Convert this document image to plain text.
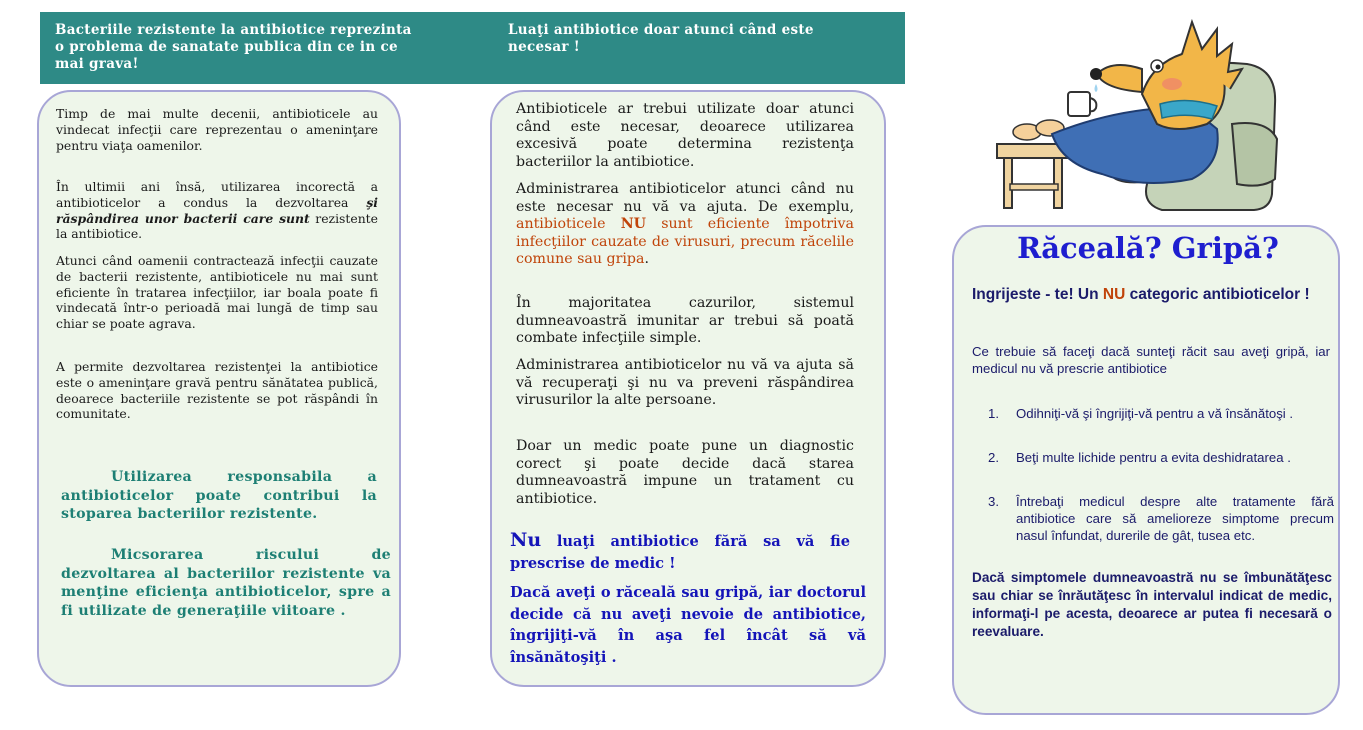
Bacteriile rezistente la antibiotice reprezinta o problema de sanatate publica din ce in ce mai grava!
Luaţi antibiotice doar atunci când este necesar !

Timp de mai multe decenii, antibioticele au vindecat infecţii care reprezentau o ameninţare pentru viaţa oamenilor.

În ultimii ani însă, utilizarea incorectă a antibioticelor a condus la dezvoltarea şi răspândirea unor bacterii care sunt rezistente la antibiotice.

Atunci când oamenii contractează infecţii cauzate de bacterii rezistente, antibioticele nu mai sunt eficiente în tratarea infecţiilor, iar boala poate fi vindecată într-o perioadă mai lungă de timp sau chiar se poate agrava.

A permite dezvoltarea rezistenţei la antibiotice este o ameninţare gravă pentru sănătatea publică, deoarece bacteriile rezistente se pot răspândi în comunitate.

Utilizarea responsabila a antibioticelor poate contribui la stoparea bacteriilor rezistente.
Micsorarea riscului de dezvoltarea al bacteriilor rezistente va menţine eficienţa antibioticelor, spre a fi utilizate de generaţiile viitoare .

Antibioticele ar trebui utilizate doar atunci când este necesar, deoarece utilizarea excesivă poate determina rezistenţa bacteriilor la antibiotice.

Administrarea antibioticelor atunci când nu este necesar nu vă va ajuta. De exemplu, antibioticele NU sunt eficiente împotriva infecţiilor cauzate de virusuri, precum răcelile comune sau gripa.

În majoritatea cazurilor, sistemul dumneavoastră imunitar ar trebui să poată combate infecţiile simple.

Administrarea antibioticelor nu vă va ajuta să vă recuperaţi şi nu va preveni răspândirea virusurilor la alte persoane.

Doar un medic poate pune un diagnostic corect şi poate decide dacă starea dumneavoastră impune un tratament cu antibiotice.

Nu luaţi antibiotice fără sa vă fie prescrise de medic !
Dacă aveţi o răceală sau gripă, iar doctorul decide că nu aveţi nevoie de antibiotice, îngrijiţi-vă în aşa fel încât să vă însănătoşiţi .
Răceală? Gripă?
Ingrijeste - te! Un NU categoric antibioticelor !
Ce trebuie să faceţi dacă sunteţi răcit sau aveţi gripă, iar medicul nu vă prescrie antibiotice
1. Odihniţi-vă şi îngrijiţi-vă pentru a vă însănătoşi .
2. Beţi multe lichide pentru a evita deshidratarea .
3. Întrebaţi medicul despre alte tratamente fără antibiotice care să amelioreze simptome precum nasul înfundat, durerile de gât, tusea etc.
Dacă simptomele dumneavoastră nu se îmbunătăţesc sau chiar se înrăutăţesc în intervalul indicat de medic, informaţi-l pe acesta, deoarece ar putea fi necesară o reevaluare.
